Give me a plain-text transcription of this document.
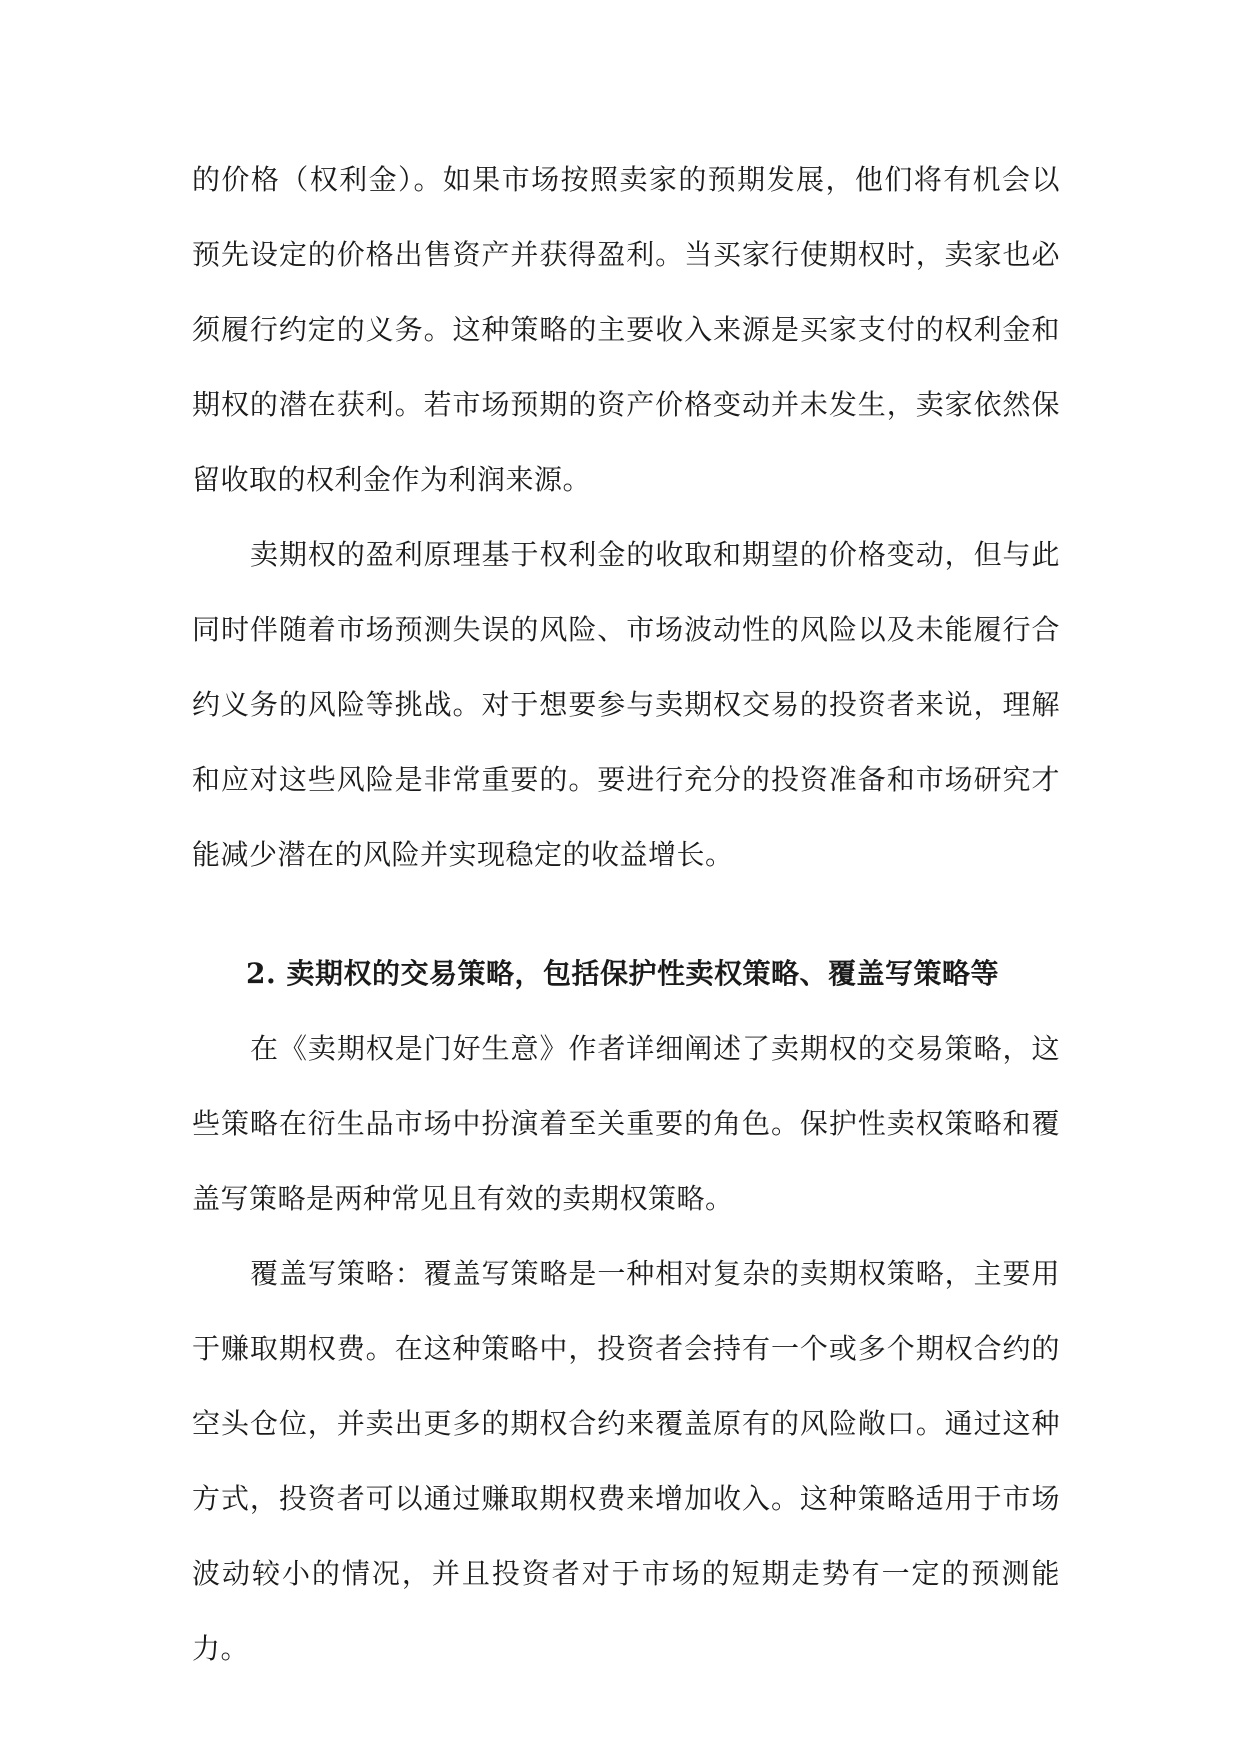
的价格（权利金）。如果市场按照卖家的预期发展，他们将有机会以预先设定的价格出售资产并获得盈利。当买家行使期权时，卖家也必须履行约定的义务。这种策略的主要收入来源是买家支付的权利金和期权的潜在获利。若市场预期的资产价格变动并未发生，卖家依然保留收取的权利金作为利润来源。

卖期权的盈利原理基于权利金的收取和期望的价格变动，但与此同时伴随着市场预测失误的风险、市场波动性的风险以及未能履行合约义务的风险等挑战。对于想要参与卖期权交易的投资者来说，理解和应对这些风险是非常重要的。要进行充分的投资准备和市场研究才能减少潜在的风险并实现稳定的收益增长。

2. 卖期权的交易策略，包括保护性卖权策略、覆盖写策略等

在《卖期权是门好生意》作者详细阐述了卖期权的交易策略，这些策略在衍生品市场中扮演着至关重要的角色。保护性卖权策略和覆盖写策略是两种常见且有效的卖期权策略。

覆盖写策略：覆盖写策略是一种相对复杂的卖期权策略，主要用于赚取期权费。在这种策略中，投资者会持有一个或多个期权合约的空头仓位，并卖出更多的期权合约来覆盖原有的风险敞口。通过这种方式，投资者可以通过赚取期权费来增加收入。这种策略适用于市场波动较小的情况，并且投资者对于市场的短期走势有一定的预测能力。
